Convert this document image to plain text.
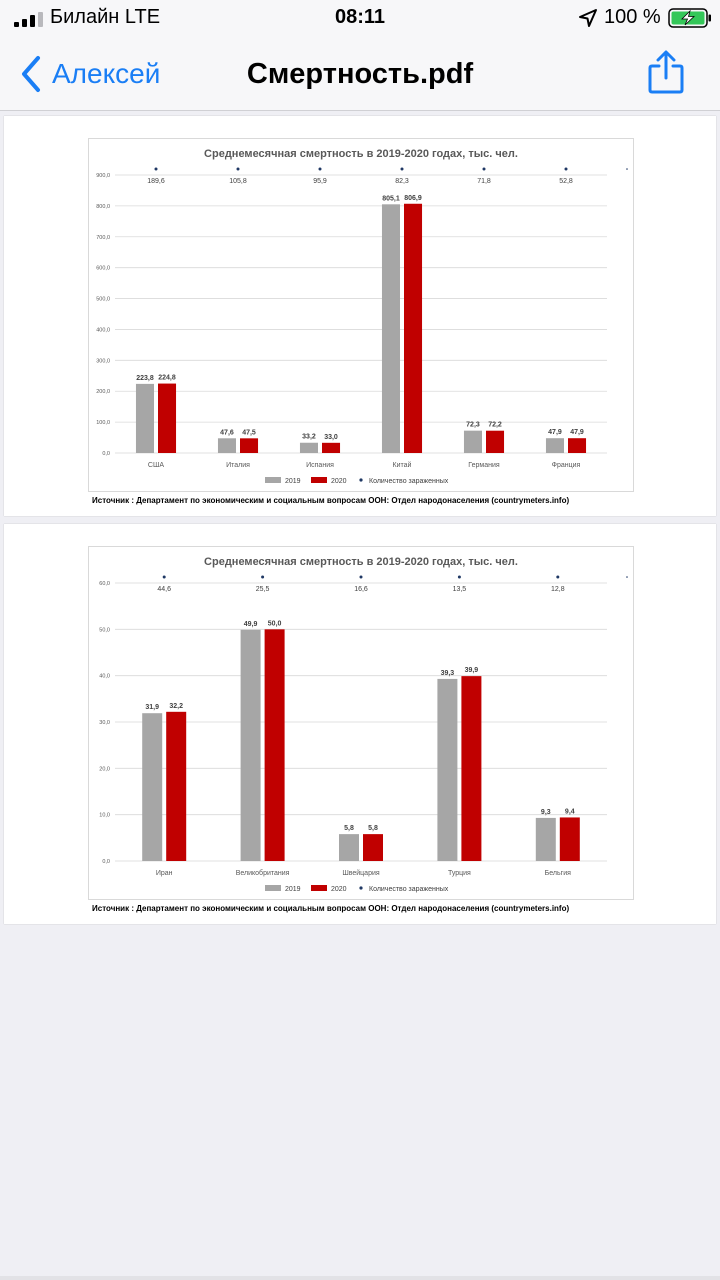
Билайн LTE	08:11	100 %
Алексей	Смертность.pdf
Среднемесячная смертность в 2019-2020 годах, тыс. чел.
0,0
100,0
200,0
300,0
400,0
500,0
600,0
700,0
800,0
900,0
223,8 224,8
189,6
США
47,6 47,5
105,8
Италия
33,2 33,0
95,9
Испания
805,1 806,9
82,3
Китай
72,3 72,2
71,8
Германия
47,9 47,9
52,8
Франция
2019	2020	Количество зараженных
Источник : Департамент по экономическим и социальным вопросам ООН: Отдел народонаселения (countrymeters.info)
Среднемесячная смертность в 2019-2020 годах, тыс. чел.
0,0
10,0
20,0
30,0
40,0
50,0
60,0
31,9 32,2
44,6
Иран
49,9 50,0
25,5
Великобритания
5,8 5,8
16,6
Швейцария
39,3 39,9
13,5
Турция
9,3 9,4
12,8
Бельгия
2019	2020	Количество зараженных
Источник : Департамент по экономическим и социальным вопросам ООН: Отдел народонаселения (countrymeters.info)
